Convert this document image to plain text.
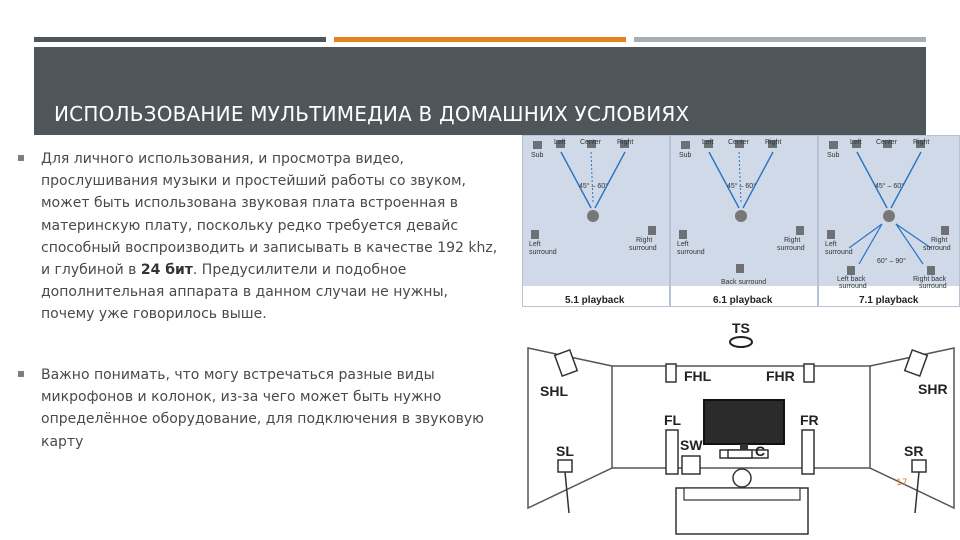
ИСПОЛЬЗОВАНИЕ МУЛЬТИМЕДИА В ДОМАШНИХ УСЛОВИЯХ

Для личного использования, и просмотра видео,
прослушивания музыки и простейший работы со звуком,
может быть использована звуковая плата встроенная в
материнскую плату, поскольку редко требуется девайс
способный воспроизводить и записывать в качестве 192 khz,
и глубиной в 24 бит. Предусилители и подобное
дополнительная аппарата в данном случаи не нужны,
почему уже говорилось выше.

Важно понимать, что могу встречаться разные виды
микрофонов и колонок, из-за чего может быть нужно
определённое оборудование, для подключения в звуковую
карту

Left Center Right
Sub
45° – 60°
Left
surround
Right
surround
5.1 playback
Left Center Right
Sub
45° – 60°
Left
surround
Right
surround
Back surround
6.1 playback
Left Center Right
Sub
45° – 60°
60° – 90°
Left
surround
Right
surround
Left back
surround
Right back
surround
7.1 playback
TS
SHL	SHR
FHL	FHR
FL	FR
SW	C
SL	SR
17
